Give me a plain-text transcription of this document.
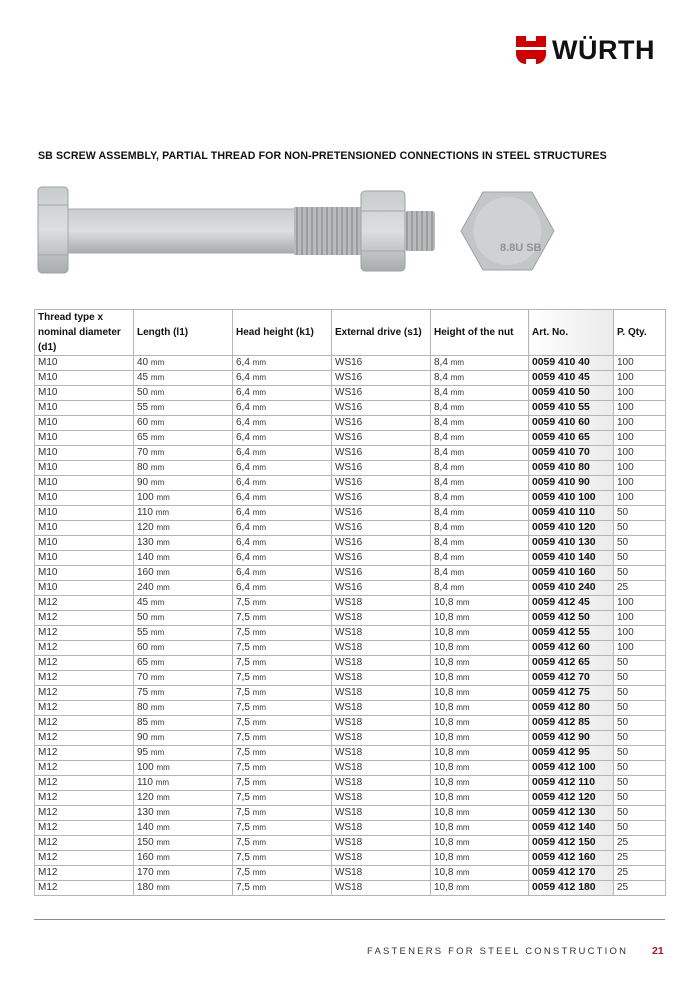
WÜRTH
SB SCREW ASSEMBLY, PARTIAL THREAD FOR NON-PRETENSIONED CONNECTIONS IN STEEL STRUCTURES
8.8U SB
Thread type x nominal diameter (d1)	Length (l1)	Head height (k1)	External drive (s1)	Height of the nut	Art. No.	P. Qty.
M10	40 mm	6,4 mm	WS16	8,4 mm	0059 410 40	100
M10	45 mm	6,4 mm	WS16	8,4 mm	0059 410 45	100
M10	50 mm	6,4 mm	WS16	8,4 mm	0059 410 50	100
M10	55 mm	6,4 mm	WS16	8,4 mm	0059 410 55	100
M10	60 mm	6,4 mm	WS16	8,4 mm	0059 410 60	100
M10	65 mm	6,4 mm	WS16	8,4 mm	0059 410 65	100
M10	70 mm	6,4 mm	WS16	8,4 mm	0059 410 70	100
M10	80 mm	6,4 mm	WS16	8,4 mm	0059 410 80	100
M10	90 mm	6,4 mm	WS16	8,4 mm	0059 410 90	100
M10	100 mm	6,4 mm	WS16	8,4 mm	0059 410 100	100
M10	110 mm	6,4 mm	WS16	8,4 mm	0059 410 110	50
M10	120 mm	6,4 mm	WS16	8,4 mm	0059 410 120	50
M10	130 mm	6,4 mm	WS16	8,4 mm	0059 410 130	50
M10	140 mm	6,4 mm	WS16	8,4 mm	0059 410 140	50
M10	160 mm	6,4 mm	WS16	8,4 mm	0059 410 160	50
M10	240 mm	6,4 mm	WS16	8,4 mm	0059 410 240	25
M12	45 mm	7,5 mm	WS18	10,8 mm	0059 412 45	100
M12	50 mm	7,5 mm	WS18	10,8 mm	0059 412 50	100
M12	55 mm	7,5 mm	WS18	10,8 mm	0059 412 55	100
M12	60 mm	7,5 mm	WS18	10,8 mm	0059 412 60	100
M12	65 mm	7,5 mm	WS18	10,8 mm	0059 412 65	50
M12	70 mm	7,5 mm	WS18	10,8 mm	0059 412 70	50
M12	75 mm	7,5 mm	WS18	10,8 mm	0059 412 75	50
M12	80 mm	7,5 mm	WS18	10,8 mm	0059 412 80	50
M12	85 mm	7,5 mm	WS18	10,8 mm	0059 412 85	50
M12	90 mm	7,5 mm	WS18	10,8 mm	0059 412 90	50
M12	95 mm	7,5 mm	WS18	10,8 mm	0059 412 95	50
M12	100 mm	7,5 mm	WS18	10,8 mm	0059 412 100	50
M12	110 mm	7,5 mm	WS18	10,8 mm	0059 412 110	50
M12	120 mm	7,5 mm	WS18	10,8 mm	0059 412 120	50
M12	130 mm	7,5 mm	WS18	10,8 mm	0059 412 130	50
M12	140 mm	7,5 mm	WS18	10,8 mm	0059 412 140	50
M12	150 mm	7,5 mm	WS18	10,8 mm	0059 412 150	25
M12	160 mm	7,5 mm	WS18	10,8 mm	0059 412 160	25
M12	170 mm	7,5 mm	WS18	10,8 mm	0059 412 170	25
M12	180 mm	7,5 mm	WS18	10,8 mm	0059 412 180	25
FASTENERS FOR STEEL CONSTRUCTION 21
